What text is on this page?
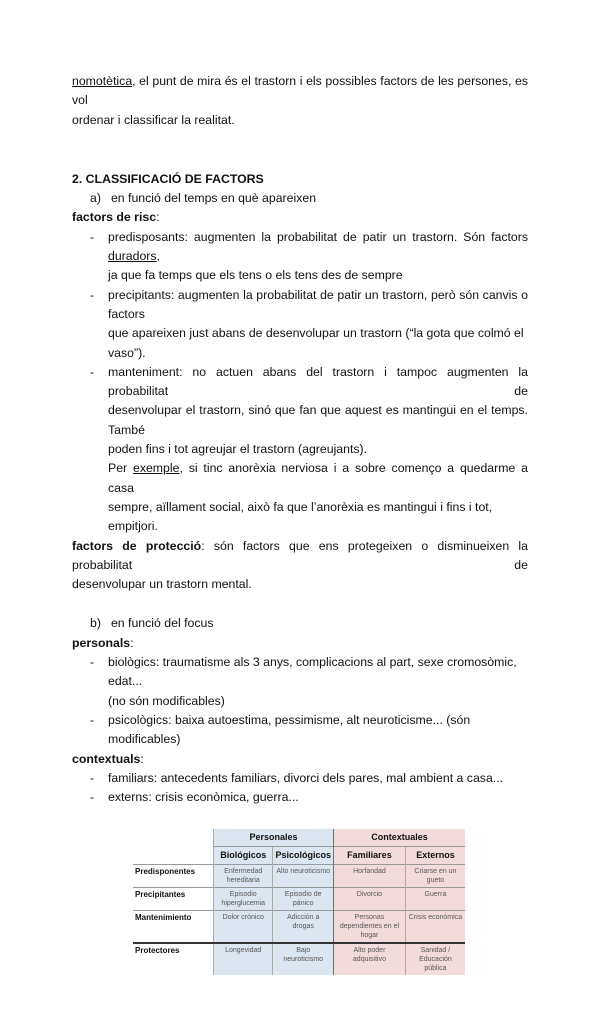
nomotètica, el punt de mira és el trastorn i els possibles factors de les persones, es vol
ordenar i classificar la realitat.
2. CLASSIFICACIÓ DE FACTORS
a) en funció del temps en què apareixen
factors de risc:
- predisposants: augmenten la probabilitat de patir un trastorn. Són factors duradors,
ja que fa temps que els tens o els tens des de sempre
- precipitants: augmenten la probabilitat de patir un trastorn, però són canvis o factors
que apareixen just abans de desenvolupar un trastorn (“la gota que colmó el vaso”).
- manteniment: no actuen abans del trastorn i tampoc augmenten la probabilitat de
desenvolupar el trastorn, sinó que fan que aquest es mantingui en el temps. També
poden fins i tot agreujar el trastorn (agreujants).
Per exemple, si tinc anorèxia nerviosa i a sobre començo a quedarme a casa
sempre, aïllament social, això fa que l’anorèxia es mantingui i fins i tot, empitjori.
factors de protecció: són factors que ens protegeixen o disminueixen la probabilitat de
desenvolupar un trastorn mental.
b) en funció del focus
personals:
- biològics: traumatisme als 3 anys, complicacions al part, sexe cromosòmic, edat...
(no són modificables)
- psicològics: baixa autoestima, pessimisme, alt neuroticisme... (són modificables)
contextuals:
- familiars: antecedents familiars, divorci dels pares, mal ambient a casa...
- externs: crisis econòmica, guerra...
	Personales		Contextuales	
	Biológicos	Psicológicos	Familiares	Externos
Predisponentes	Enfermedad hereditaria	Alto neuroticismo	Horfandad	Criarse en un gueto
Precipitantes	Episodio hiperglucemia	Episodio de pánico	Divorcio	Guerra
Mantenimiento	Dolor crónico	Adicción a drogas	Personas dependientes en el hogar	Crisis económica
Protectores	Longevidad	Bajo neuroticismo	Alto poder adquisitivo	Sanidad / Educación pública
